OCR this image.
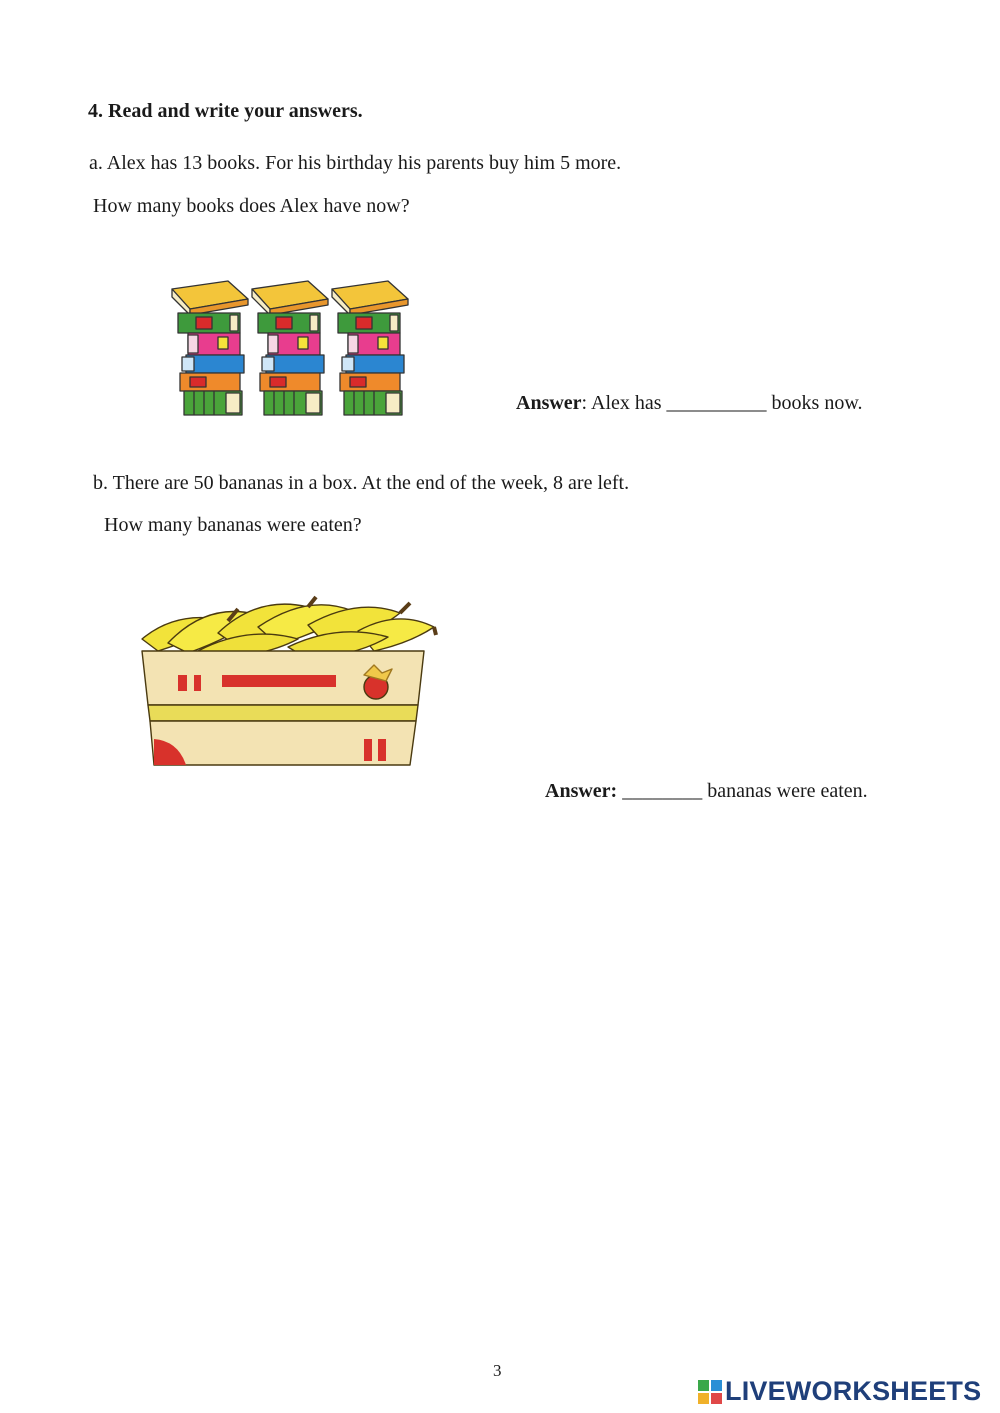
4. Read and write your answers.
a. Alex has 13 books. For his birthday his parents buy him 5 more.
How many books does Alex have now?
Answer: Alex has __________ books now.
b. There are 50 bananas in a box. At the end of the week, 8 are left.
How many bananas were eaten?
Answer: ________ bananas were eaten.
3
LIVEWORKSHEETS
